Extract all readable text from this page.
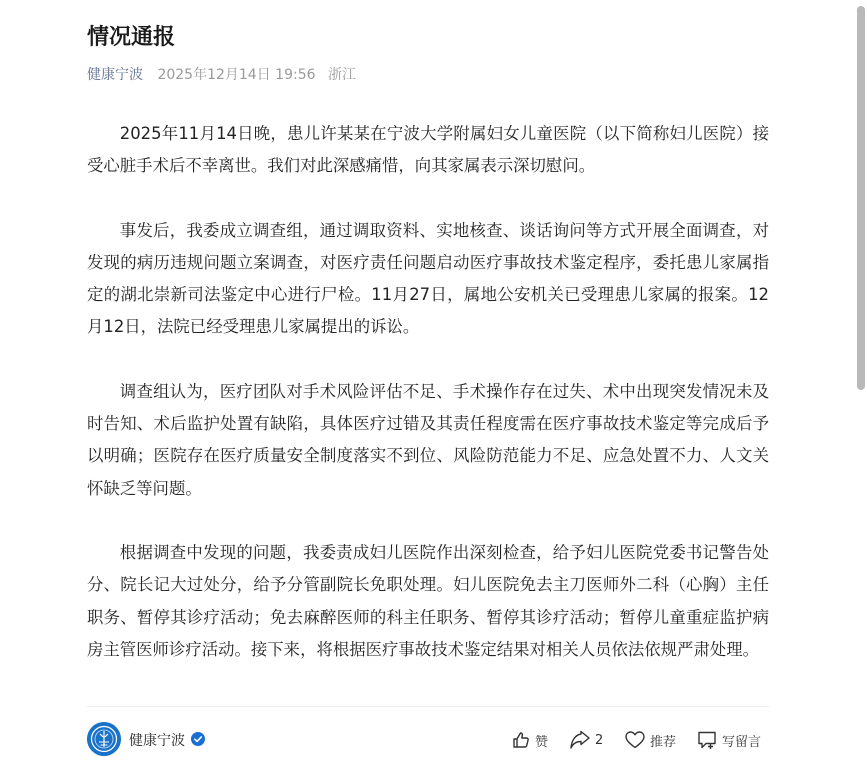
情况通报
健康宁波 2025年12月14日 19:56 浙江

2025年11月14日晚，患儿许某某在宁波大学附属妇女儿童医院（以下简称妇儿医院）接受心脏手术后不幸离世。我们对此深感痛惜，向其家属表示深切慰问。

事发后，我委成立调查组，通过调取资料、实地核查、谈话询问等方式开展全面调查，对发现的病历违规问题立案调查，对医疗责任问题启动医疗事故技术鉴定程序，委托患儿家属指定的湖北崇新司法鉴定中心进行尸检。11月27日，属地公安机关已受理患儿家属的报案。12月12日，法院已经受理患儿家属提出的诉讼。

调查组认为，医疗团队对手术风险评估不足、手术操作存在过失、术中出现突发情况未及时告知、术后监护处置有缺陷，具体医疗过错及其责任程度需在医疗事故技术鉴定等完成后予以明确；医院存在医疗质量安全制度落实不到位、风险防范能力不足、应急处置不力、人文关怀缺乏等问题。

根据调查中发现的问题，我委责成妇儿医院作出深刻检查，给予妇儿医院党委书记警告处分、院长记大过处分，给予分管副院长免职处理。妇儿医院免去主刀医师外二科（心胸）主任职务、暂停其诊疗活动；免去麻醉医师的科主任职务、暂停其诊疗活动；暂停儿童重症监护病房主管医师诊疗活动。接下来，将根据医疗事故技术鉴定结果对相关人员依法依规严肃处理。

健康宁波	赞	2	推荐	写留言
